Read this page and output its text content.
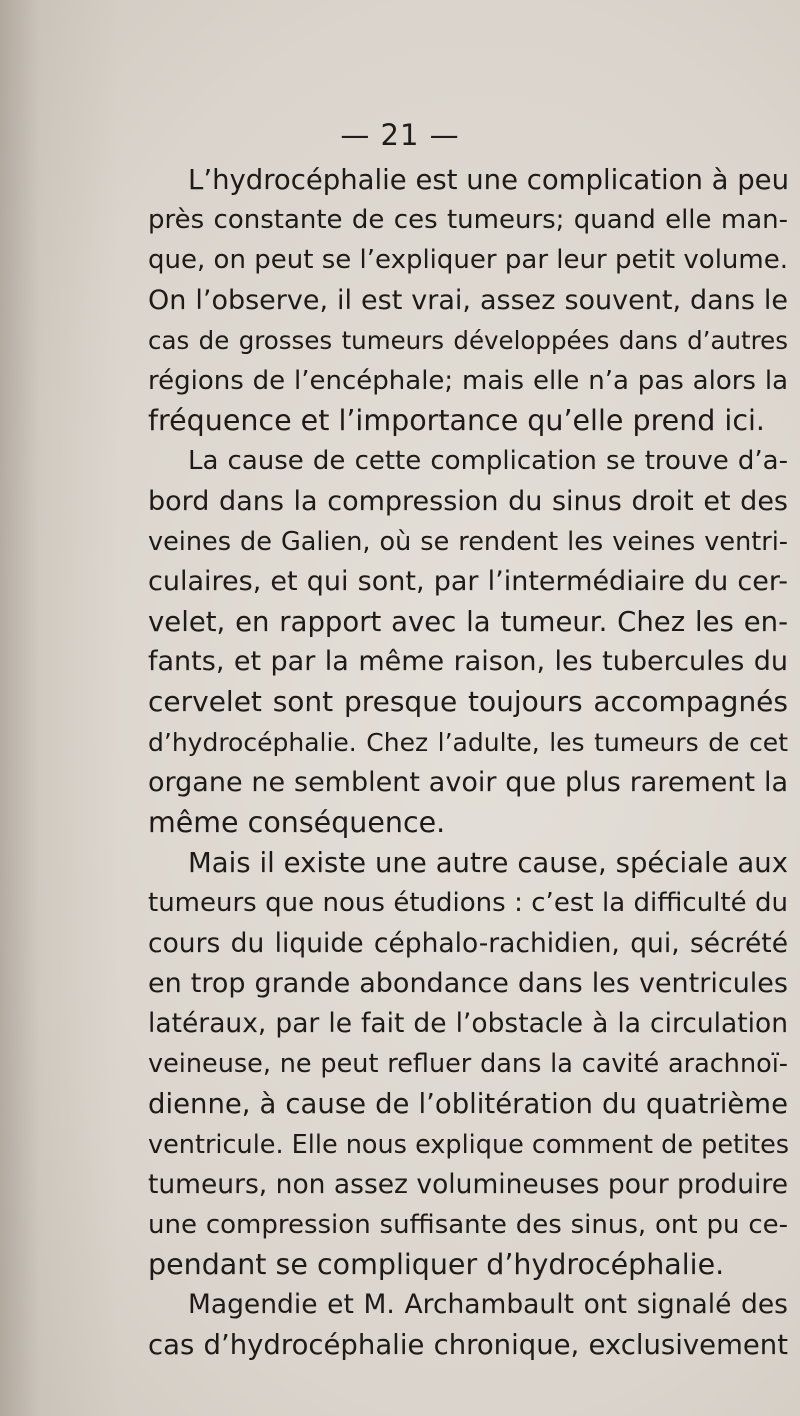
— 21 —
L’hydrocéphalie est une complication à peu
près constante de ces tumeurs; quand elle man-
que, on peut se l’expliquer par leur petit volume.
On l’observe, il est vrai, assez souvent, dans le
cas de grosses tumeurs développées dans d’autres
régions de l’encéphale; mais elle n’a pas alors la
fréquence et l’importance qu’elle prend ici.
La cause de cette complication se trouve d’a-
bord dans la compression du sinus droit et des
veines de Galien, où se rendent les veines ventri-
culaires, et qui sont, par l’intermédiaire du cer-
velet, en rapport avec la tumeur. Chez les en-
fants, et par la même raison, les tubercules du
cervelet sont presque toujours accompagnés
d’hydrocéphalie. Chez l’adulte, les tumeurs de cet
organe ne semblent avoir que plus rarement la
même conséquence.
Mais il existe une autre cause, spéciale aux
tumeurs que nous étudions : c’est la difficulté du
cours du liquide céphalo-rachidien, qui, sécrété
en trop grande abondance dans les ventricules
latéraux, par le fait de l’obstacle à la circulation
veineuse, ne peut refluer dans la cavité arachnoï-
dienne, à cause de l’oblitération du quatrième
ventricule. Elle nous explique comment de petites
tumeurs, non assez volumineuses pour produire
une compression suffisante des sinus, ont pu ce-
pendant se compliquer d’hydrocéphalie.
Magendie et M. Archambault ont signalé des
cas d’hydrocéphalie chronique, exclusivement
